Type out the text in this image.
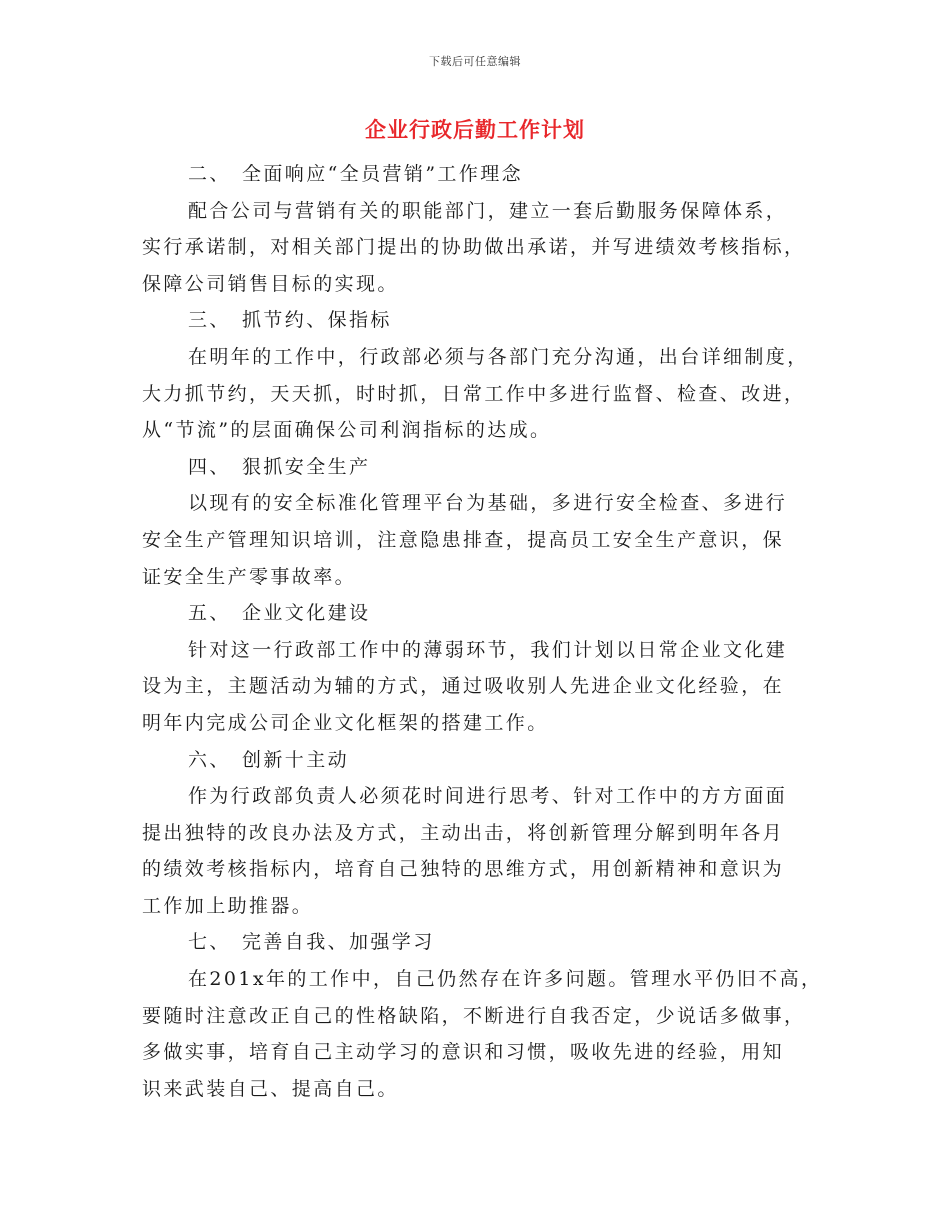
下载后可任意编辑
企业行政后勤工作计划
二、 全面响应“全员营销”工作理念
配合公司与营销有关的职能部门，建立一套后勤服务保障体系，
实行承诺制，对相关部门提出的协助做出承诺，并写进绩效考核指标，
保障公司销售目标的实现。
三、 抓节约、保指标
在明年的工作中，行政部必须与各部门充分沟通，出台详细制度，
大力抓节约，天天抓，时时抓，日常工作中多进行监督、检查、改进，
从“节流”的层面确保公司利润指标的达成。
四、 狠抓安全生产
以现有的安全标准化管理平台为基础，多进行安全检查、多进行
安全生产管理知识培训，注意隐患排查，提高员工安全生产意识，保
证安全生产零事故率。
五、 企业文化建设
针对这一行政部工作中的薄弱环节，我们计划以日常企业文化建
设为主，主题活动为辅的方式，通过吸收别人先进企业文化经验，在
明年内完成公司企业文化框架的搭建工作。
六、 创新十主动
作为行政部负责人必须花时间进行思考、针对工作中的方方面面
提出独特的改良办法及方式，主动出击，将创新管理分解到明年各月
的绩效考核指标内，培育自己独特的思维方式，用创新精神和意识为
工作加上助推器。
七、 完善自我、加强学习
在201x年的工作中，自己仍然存在许多问题。管理水平仍旧不高，
要随时注意改正自己的性格缺陷，不断进行自我否定，少说话多做事，
多做实事，培育自己主动学习的意识和习惯，吸收先进的经验，用知
识来武装自己、提高自己。
